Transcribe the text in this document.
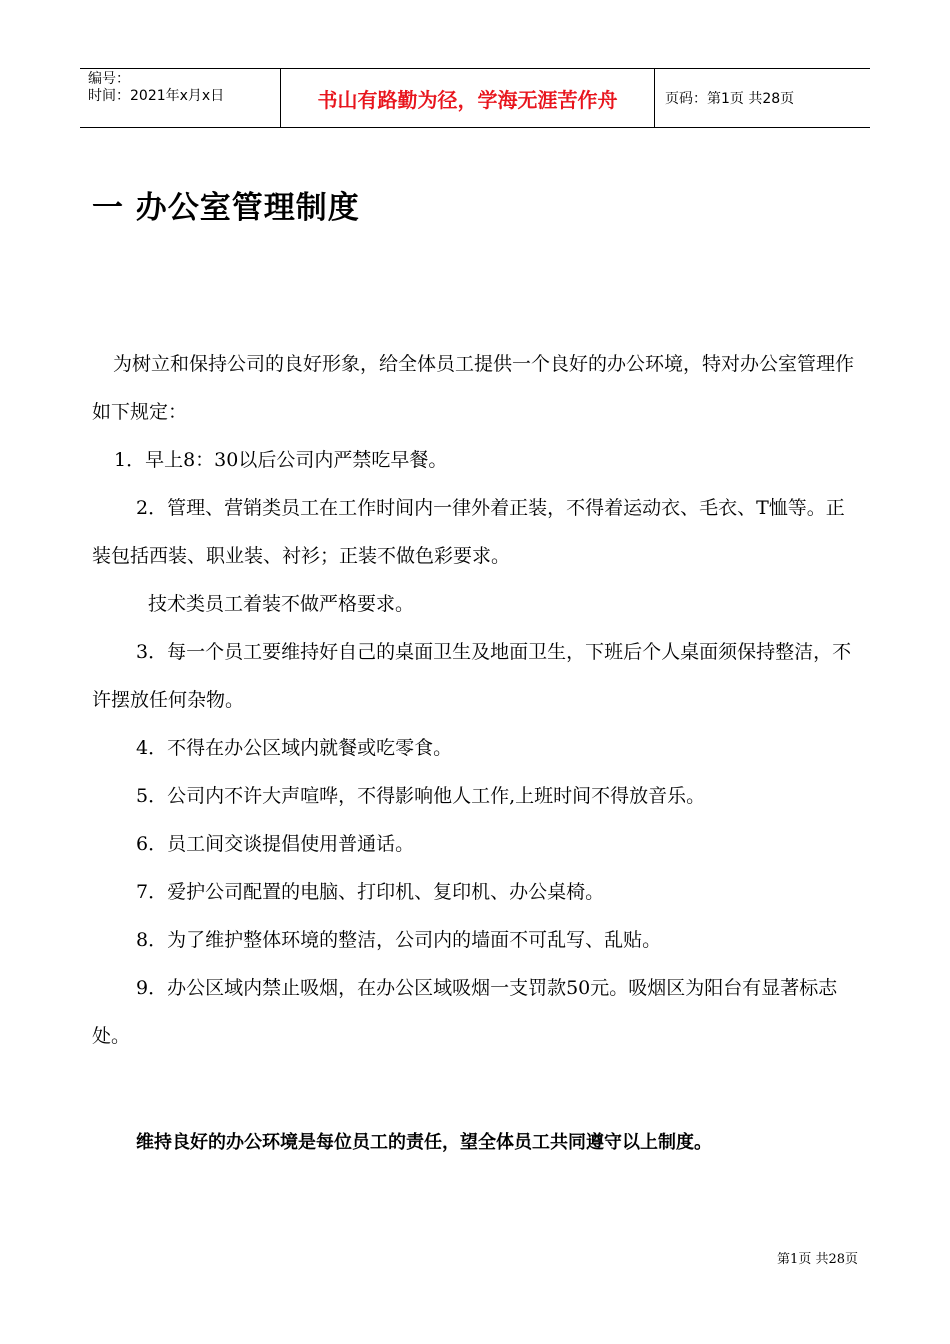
编号：
时间：2021年x月x日	书山有路勤为径，学海无涯苦作舟	页码：第1页 共28页
一 办公室管理制度

为树立和保持公司的良好形象，给全体员工提供一个良好的办公环境，特对办公室管理作如下规定：

1．早上8：30以后公司内严禁吃早餐。

2．管理、营销类员工在工作时间内一律外着正装，不得着运动衣、毛衣、T恤等。正装包括西装、职业装、衬衫；正装不做色彩要求。

技术类员工着装不做严格要求。

3．每一个员工要维持好自己的桌面卫生及地面卫生，下班后个人桌面须保持整洁，不许摆放任何杂物。

4．不得在办公区域内就餐或吃零食。

5．公司内不许大声喧哗，不得影响他人工作,上班时间不得放音乐。

6．员工间交谈提倡使用普通话。

7．爱护公司配置的电脑、打印机、复印机、办公桌椅。

8．为了维护整体环境的整洁，公司内的墙面不可乱写、乱贴。

9．办公区域内禁止吸烟，在办公区域吸烟一支罚款50元。吸烟区为阳台有显著标志处。

维持良好的办公环境是每位员工的责任，望全体员工共同遵守以上制度。
第1页 共28页
